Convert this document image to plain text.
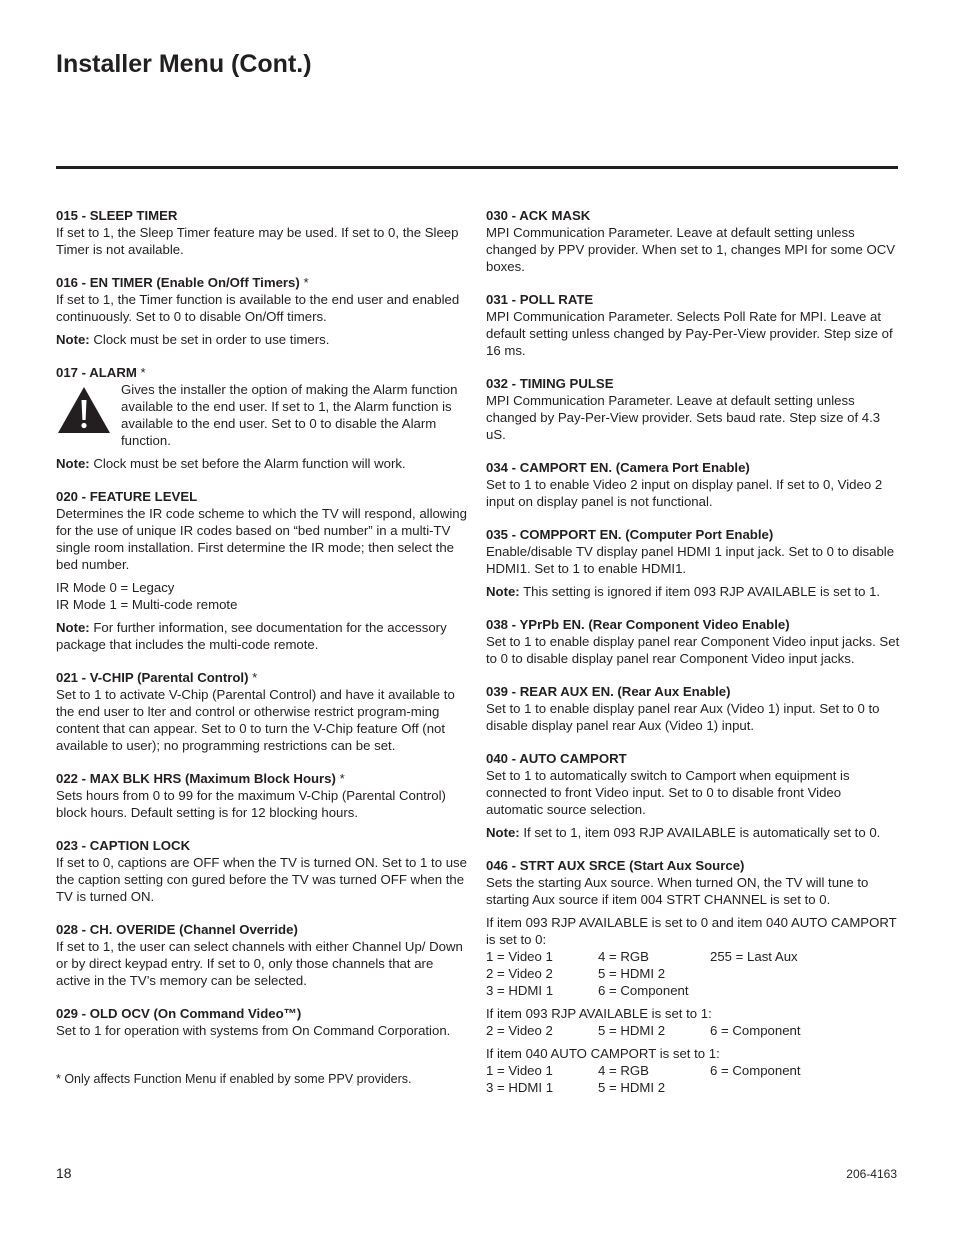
Installer Menu (Cont.)
015 - SLEEP TIMER

If set to 1, the Sleep Timer feature may be used. If set to 0, the Sleep Timer is not available.

016 - EN TIMER (Enable On/Off Timers) *

If set to 1, the Timer function is available to the end user and enabled continuously. Set to 0 to disable On/Off timers.

Note: Clock must be set in order to use timers.

017 - ALARM *

Gives the installer the option of making the Alarm function available to the end user. If set to 1, the Alarm function is available to the end user. Set to 0 to disable the Alarm function.

Note: Clock must be set before the Alarm function will work.

020 - FEATURE LEVEL

Determines the IR code scheme to which the TV will respond, allowing for the use of unique IR codes based on “bed number” in a multi-TV single room installation. First determine the IR mode; then select the bed number.

IR Mode 0 = Legacy

IR Mode 1 = Multi-code remote

Note: For further information, see documentation for the accessory package that includes the multi-code remote.

021 - V-CHIP (Parental Control) *

Set to 1 to activate V-Chip (Parental Control) and have it available to the end user to lter and control or otherwise restrict program-ming content that can appear. Set to 0 to turn the V-Chip feature Off (not available to user); no programming restrictions can be set.

022 - MAX BLK HRS (Maximum Block Hours) *

Sets hours from 0 to 99 for the maximum V-Chip (Parental Control) block hours. Default setting is for 12 blocking hours.

023 - CAPTION LOCK

If set to 0, captions are OFF when the TV is turned ON. Set to 1 to use the caption setting con gured before the TV was turned OFF when the TV is turned ON.

028 - CH. OVERIDE (Channel Override)

If set to 1, the user can select channels with either Channel Up/ Down or by direct keypad entry. If set to 0, only those channels that are active in the TV’s memory can be selected.

029 - OLD OCV (On Command Video™)

Set to 1 for operation with systems from On Command Corporation.

* Only affects Function Menu if enabled by some PPV providers.

030 - ACK MASK

MPI Communication Parameter. Leave at default setting unless changed by PPV provider. When set to 1, changes MPI for some OCV boxes.

031 - POLL RATE

MPI Communication Parameter. Selects Poll Rate for MPI. Leave at default setting unless changed by Pay-Per-View provider. Step size of 16 ms.

032 - TIMING PULSE

MPI Communication Parameter. Leave at default setting unless changed by Pay-Per-View provider. Sets baud rate. Step size of 4.3 uS.

034 - CAMPORT EN. (Camera Port Enable)

Set to 1 to enable Video 2 input on display panel. If set to 0, Video 2 input on display panel is not functional.

035 - COMPPORT EN. (Computer Port Enable)

Enable/disable TV display panel HDMI 1 input jack. Set to 0 to disable HDMI1. Set to 1 to enable HDMI1.

Note: This setting is ignored if item 093 RJP AVAILABLE is set to 1.

038 - YPrPb EN. (Rear Component Video Enable)

Set to 1 to enable display panel rear Component Video input jacks. Set to 0 to disable display panel rear Component Video input jacks.

039 - REAR AUX EN. (Rear Aux Enable)

Set to 1 to enable display panel rear Aux (Video 1) input. Set to 0 to disable display panel rear Aux (Video 1) input.

040 - AUTO CAMPORT

Set to 1 to automatically switch to Camport when equipment is connected to front Video input. Set to 0 to disable front Video automatic source selection.

Note: If set to 1, item 093 RJP AVAILABLE is automatically set to 0.

046 - STRT AUX SRCE (Start Aux Source)

Sets the starting Aux source. When turned ON, the TV will tune to starting Aux source if item 004 STRT CHANNEL is set to 0.

If item 093 RJP AVAILABLE is set to 0 and item 040 AUTO CAMPORT is set to 0:

1 = Video 1	4 = RGB	255 = Last Aux
2 = Video 2	5 = HDMI 2
3 = HDMI 1	6 = Component

If item 093 RJP AVAILABLE is set to 1:

2 = Video 2	5 = HDMI 2	6 = Component

If item 040 AUTO CAMPORT is set to 1:

1 = Video 1	4 = RGB	6 = Component
3 = HDMI 1	5 = HDMI 2
18	206-4163
